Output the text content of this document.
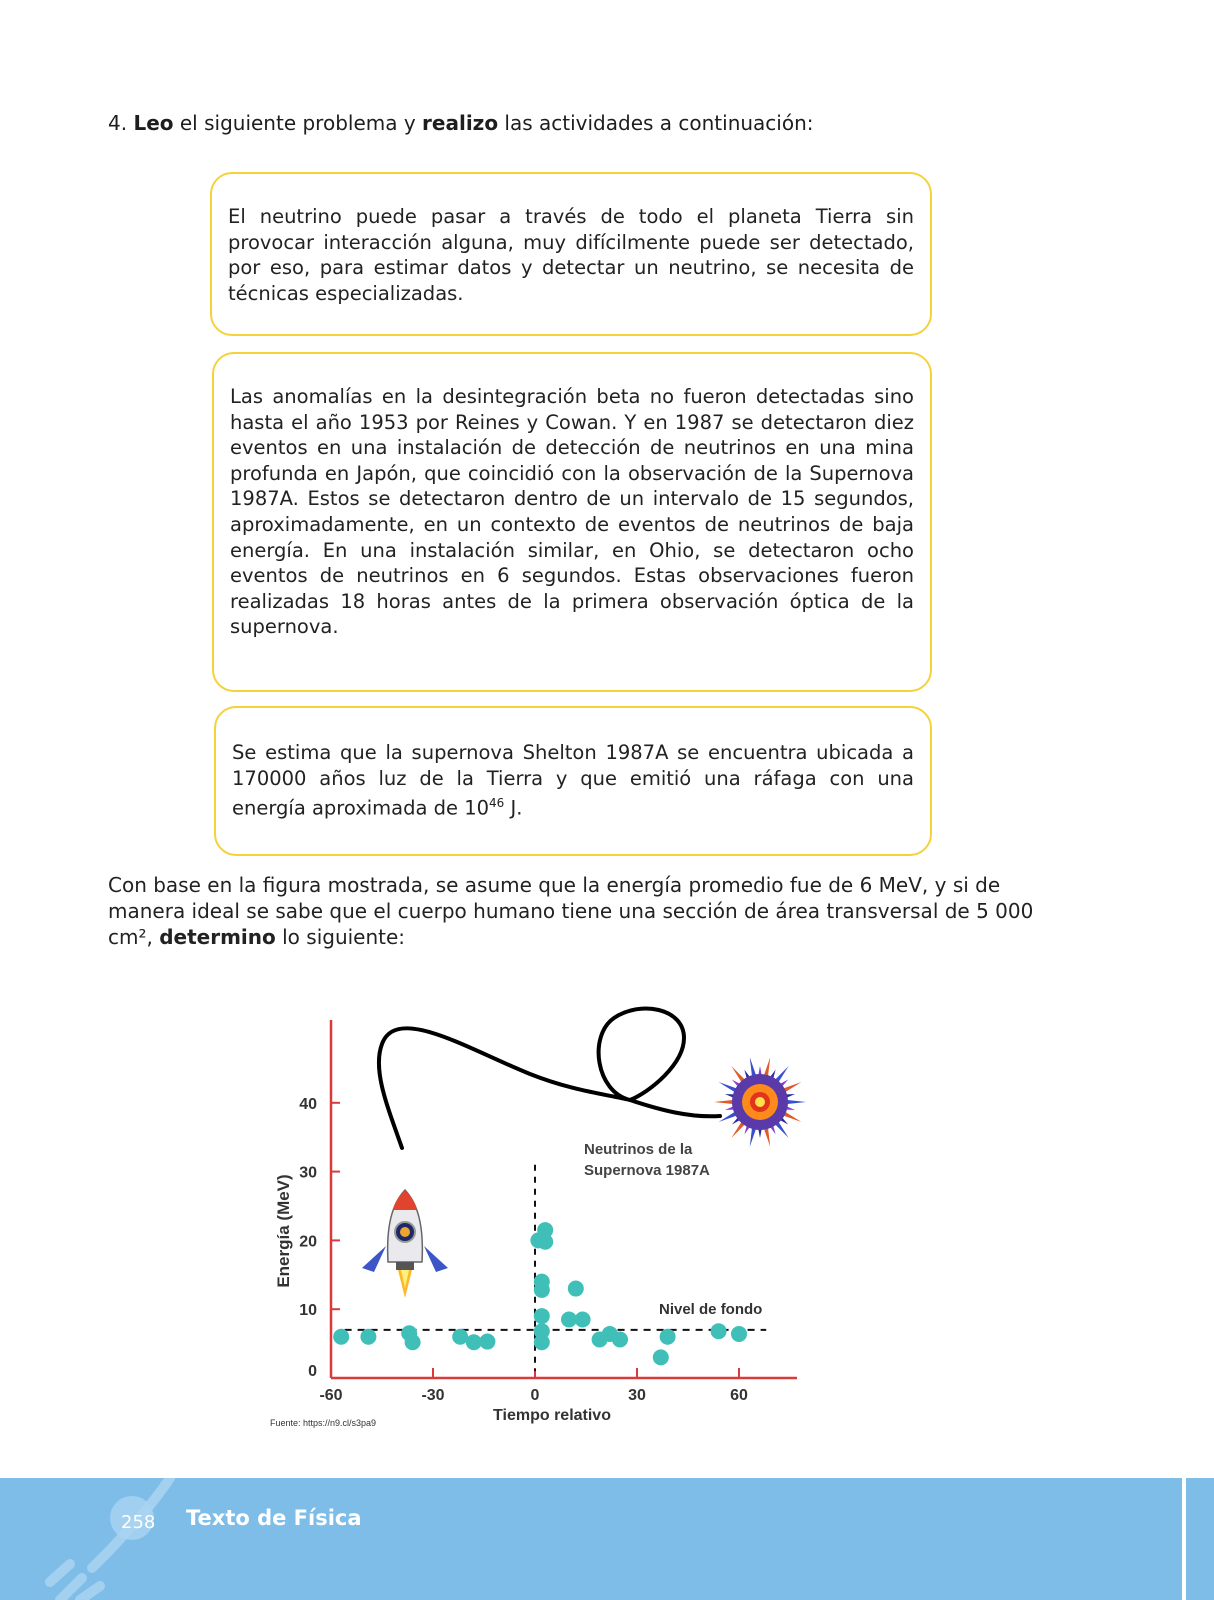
4. Leo el siguiente problema y realizo las actividades a continuación:

El neutrino puede pasar a través de todo el planeta Tierra sin provocar interacción alguna, muy difícilmente puede ser detectado, por eso, para estimar datos y detectar un neutrino, se necesita de técnicas especializadas.

Las anomalías en la desintegración beta no fueron detectadas sino hasta el año 1953 por Reines y Cowan. Y en 1987 se detectaron diez eventos en una instalación de detección de neutrinos en una mina profunda en Japón, que coincidió con la observación de la Supernova 1987A. Estos se detectaron dentro de un intervalo de 15 segundos, aproximadamente, en un contexto de eventos de neutrinos de baja energía. En una instalación similar, en Ohio, se detectaron ocho eventos de neutrinos en 6 segundos. Estas observaciones fueron realizadas 18 horas antes de la primera observación óptica de la supernova.

Se estima que la supernova Shelton 1987A se encuentra ubicada a 170000 años luz de la Tierra y que emitió una ráfaga con una energía aproximada de $10^{46}$ J.

Con base en la figura mostrada, se asume que la energía promedio fue de 6 MeV, y si de manera ideal se sabe que el cuerpo humano tiene una sección de área transversal de 5 000 cm², determino lo siguiente:

0
10
20
30
40
-60	-30	0	30	60
Energía (MeV)
Tiempo relativo
Neutrinos de la
Supernova 1987A
Nivel de fondo
Fuente: https://n9.cl/s3pa9
258 Texto de Física
